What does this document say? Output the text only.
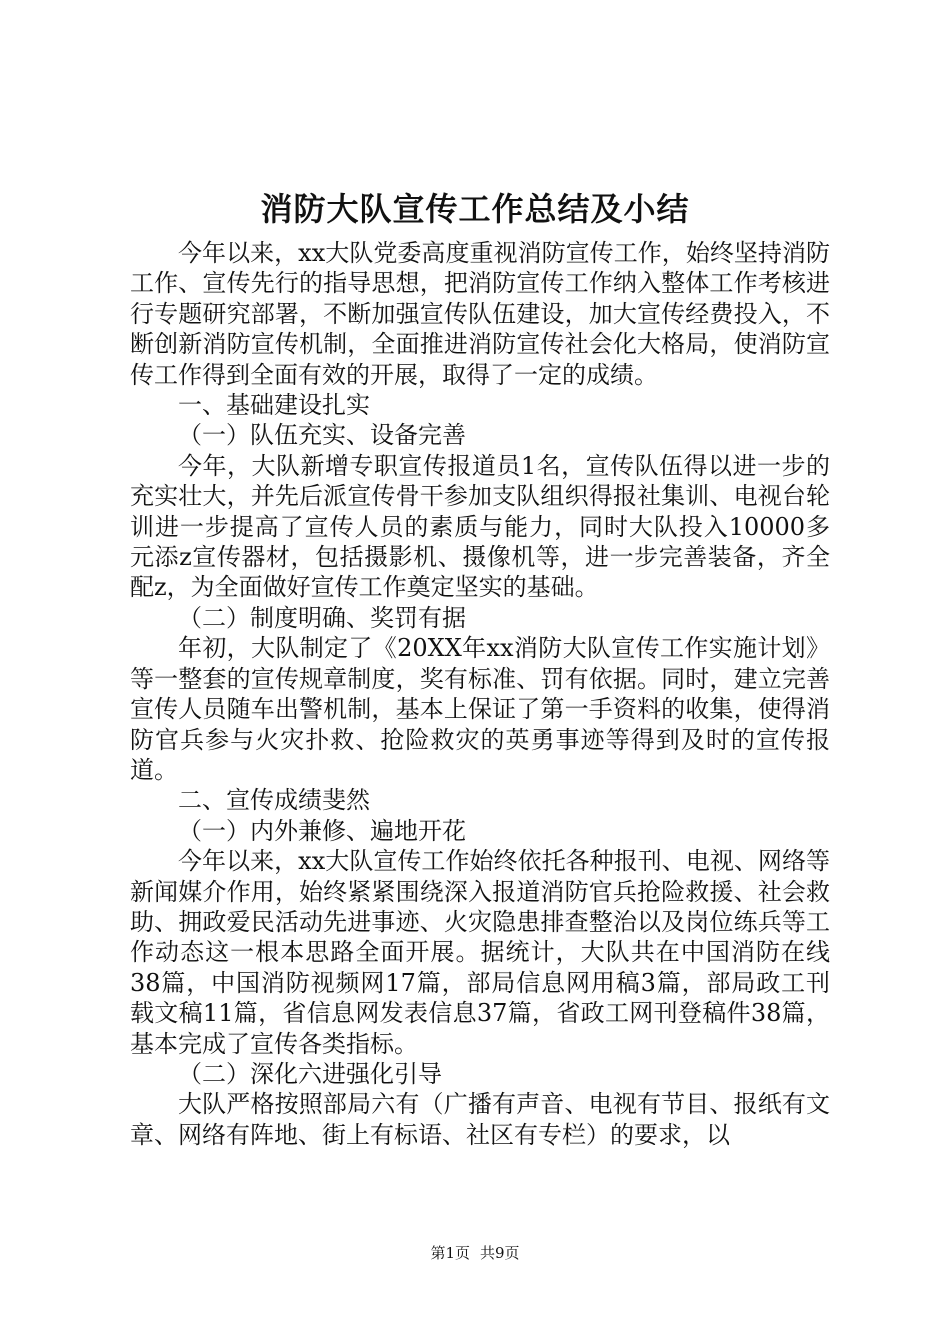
消防大队宣传工作总结及小结

今年以来，xx大队党委高度重视消防宣传工作，始终坚持消防工作、宣传先行的指导思想，把消防宣传工作纳入整体工作考核进行专题研究部署，不断加强宣传队伍建设，加大宣传经费投入，不断创新消防宣传机制，全面推进消防宣传社会化大格局，使消防宣传工作得到全面有效的开展，取得了一定的成绩。

一、基础建设扎实

（一）队伍充实、设备完善

今年，大队新增专职宣传报道员1名，宣传队伍得以进一步的充实壮大，并先后派宣传骨干参加支队组织得报社集训、电视台轮训进一步提高了宣传人员的素质与能力，同时大队投入10000多元添z宣传器材，包括摄影机、摄像机等，进一步完善装备，齐全配z，为全面做好宣传工作奠定坚实的基础。

（二）制度明确、奖罚有据

年初，大队制定了《20XX年xx消防大队宣传工作实施计划》等一整套的宣传规章制度，奖有标准、罚有依据。同时，建立完善宣传人员随车出警机制，基本上保证了第一手资料的收集，使得消防官兵参与火灾扑救、抢险救灾的英勇事迹等得到及时的宣传报道。

二、宣传成绩斐然

（一）内外兼修、遍地开花

今年以来，xx大队宣传工作始终依托各种报刊、电视、网络等新闻媒介作用，始终紧紧围绕深入报道消防官兵抢险救援、社会救助、拥政爱民活动先进事迹、火灾隐患排查整治以及岗位练兵等工作动态这一根本思路全面开展。据统计，大队共在中国消防在线38篇，中国消防视频网17篇，部局信息网用稿3篇，部局政工刊载文稿11篇，省信息网发表信息37篇，省政工网刊登稿件38篇，基本完成了宣传各类指标。

（二）深化六进强化引导

大队严格按照部局六有（广播有声音、电视有节目、报纸有文章、网络有阵地、街上有标语、社区有专栏）的要求，以

第1页 共9页
